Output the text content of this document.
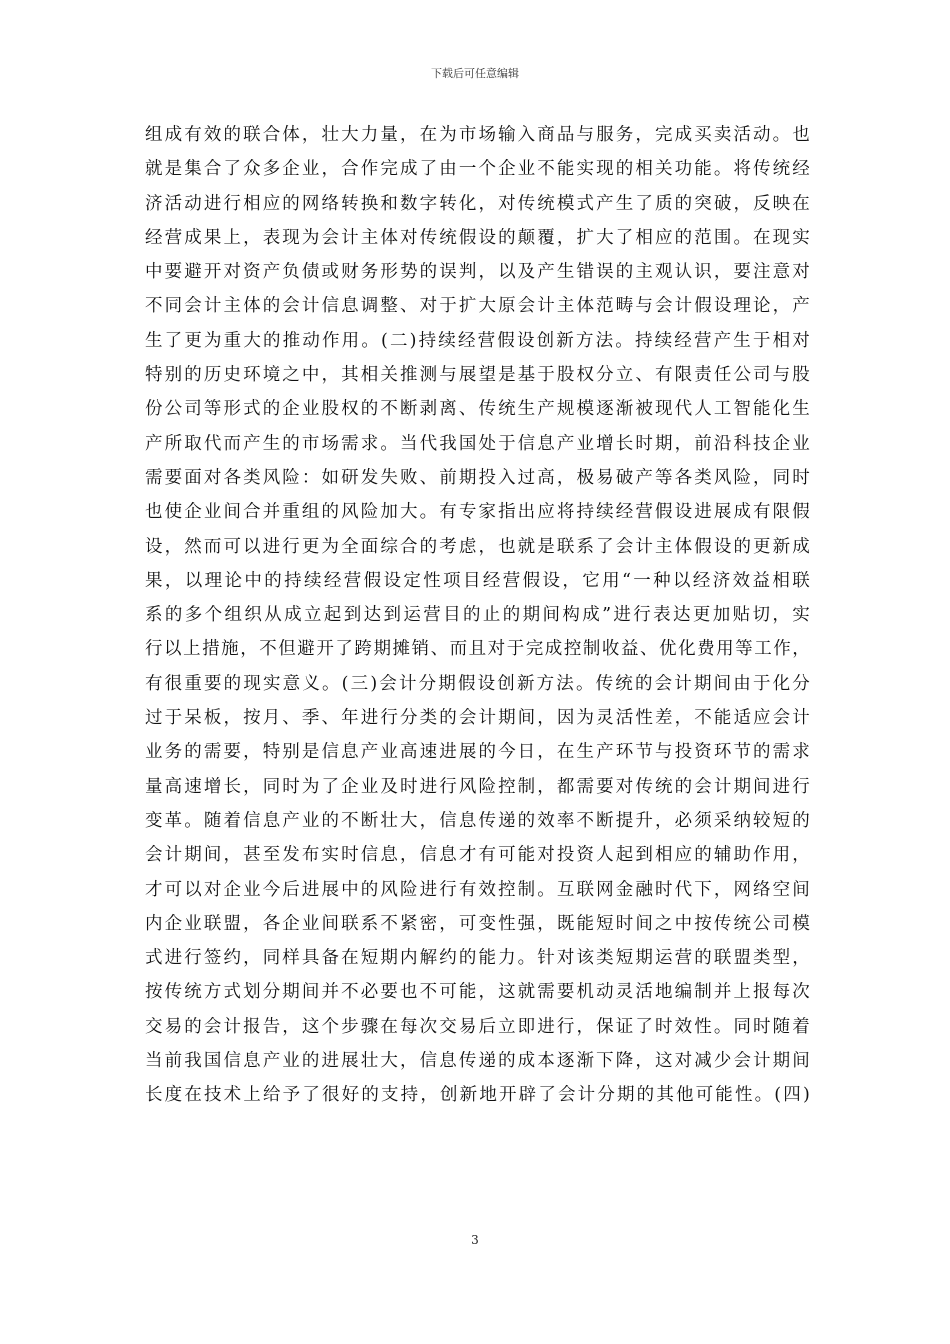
下载后可任意编辑
组成有效的联合体，壮大力量，在为市场输入商品与服务，完成买卖活动。也
就是集合了众多企业，合作完成了由一个企业不能实现的相关功能。将传统经
济活动进行相应的网络转换和数字转化，对传统模式产生了质的突破，反映在
经营成果上，表现为会计主体对传统假设的颠覆，扩大了相应的范围。在现实
中要避开对资产负债或财务形势的误判，以及产生错误的主观认识，要注意对
不同会计主体的会计信息调整、对于扩大原会计主体范畴与会计假设理论，产
生了更为重大的推动作用。(二)持续经营假设创新方法。持续经营产生于相对
特别的历史环境之中，其相关推测与展望是基于股权分立、有限责任公司与股
份公司等形式的企业股权的不断剥离、传统生产规模逐渐被现代人工智能化生
产所取代而产生的市场需求。当代我国处于信息产业增长时期，前沿科技企业
需要面对各类风险：如研发失败、前期投入过高，极易破产等各类风险，同时
也使企业间合并重组的风险加大。有专家指出应将持续经营假设进展成有限假
设，然而可以进行更为全面综合的考虑，也就是联系了会计主体假设的更新成
果，以理论中的持续经营假设定性项目经营假设，它用“一种以经济效益相联
系的多个组织从成立起到达到运营目的止的期间构成”进行表达更加贴切，实
行以上措施，不但避开了跨期摊销、而且对于完成控制收益、优化费用等工作，
有很重要的现实意义。(三)会计分期假设创新方法。传统的会计期间由于化分
过于呆板，按月、季、年进行分类的会计期间，因为灵活性差，不能适应会计
业务的需要，特别是信息产业高速进展的今日，在生产环节与投资环节的需求
量高速增长，同时为了企业及时进行风险控制，都需要对传统的会计期间进行
变革。随着信息产业的不断壮大，信息传递的效率不断提升，必须采纳较短的
会计期间，甚至发布实时信息，信息才有可能对投资人起到相应的辅助作用，
才可以对企业今后进展中的风险进行有效控制。互联网金融时代下，网络空间
内企业联盟，各企业间联系不紧密，可变性强，既能短时间之中按传统公司模
式进行签约，同样具备在短期内解约的能力。针对该类短期运营的联盟类型，
按传统方式划分期间并不必要也不可能，这就需要机动灵活地编制并上报每次
交易的会计报告，这个步骤在每次交易后立即进行，保证了时效性。同时随着
当前我国信息产业的进展壮大，信息传递的成本逐渐下降，这对减少会计期间
长度在技术上给予了很好的支持，创新地开辟了会计分期的其他可能性。(四)
3
